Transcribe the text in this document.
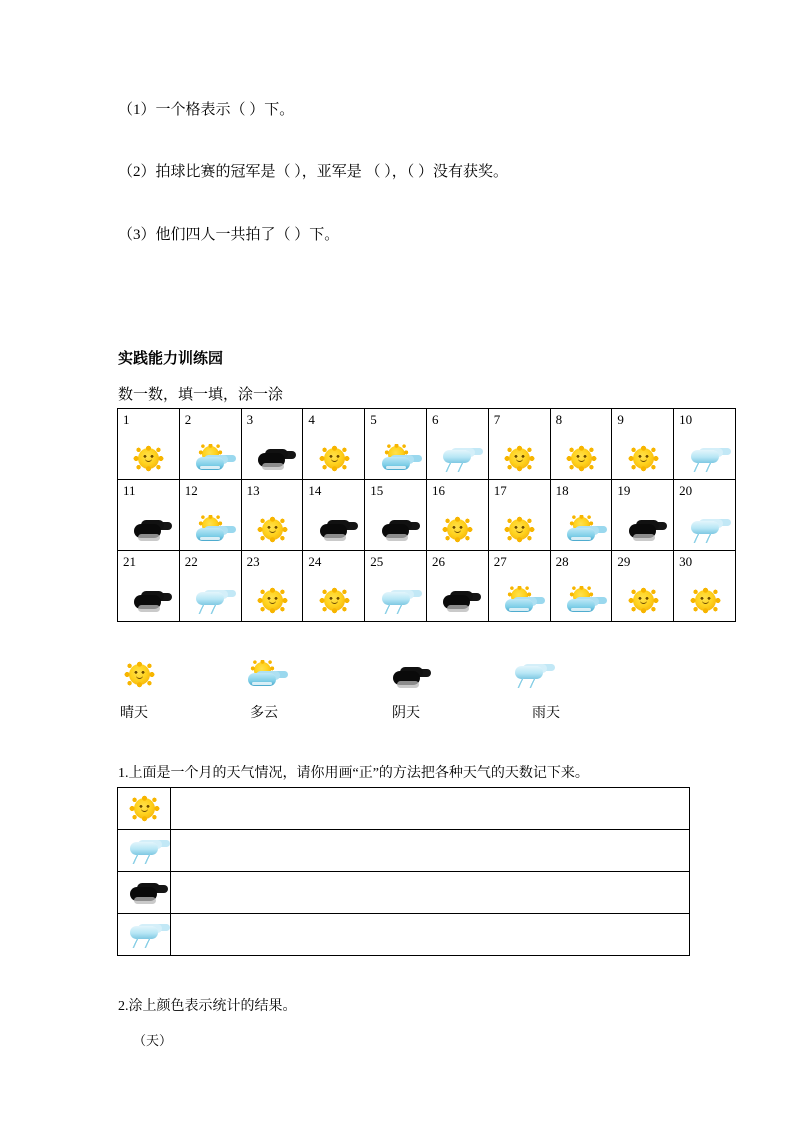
（1）一个格表示（ ）下。
（2）拍球比赛的冠军是（ ），亚军是 （ ），（ ）没有获奖。
（3）他们四人一共拍了（ ）下。
实践能力训练园
数一数，填一填，涂一涂
1	2	3	4	5	6	7	8	9	10

11	12	13	14	15	16	17	18	19	20

21	22	23	24	25	26	27	28	29	30

晴天	多云	阴天	雨天
1.上面是一个月的天气情况，请你用画“正”的方法把各种天气的天数记下来。

2.涂上颜色表示统计的结果。
（天）
